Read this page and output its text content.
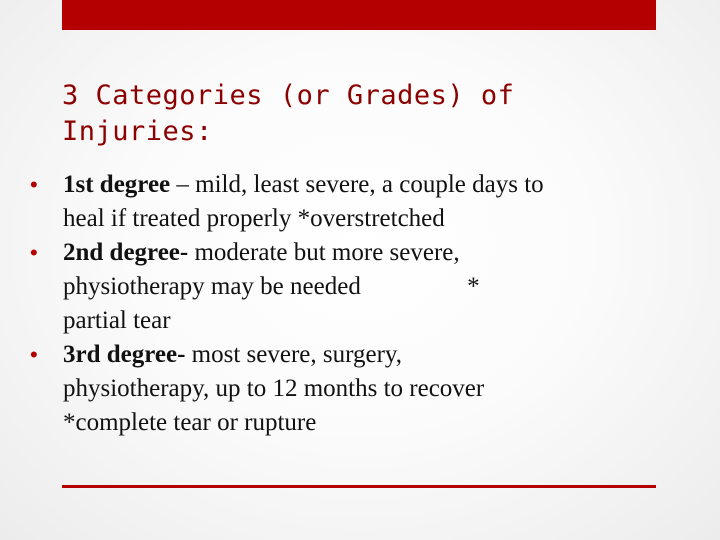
3 Categories (or Grades) of
Injuries:
• 1st degree – mild, least severe, a couple days to
heal if treated properly *overstretched
• 2nd degree- moderate but more severe,
physiotherapy may be needed                 *
partial tear
• 3rd degree- most severe, surgery,
physiotherapy, up to 12 months to recover
*complete tear or rupture
